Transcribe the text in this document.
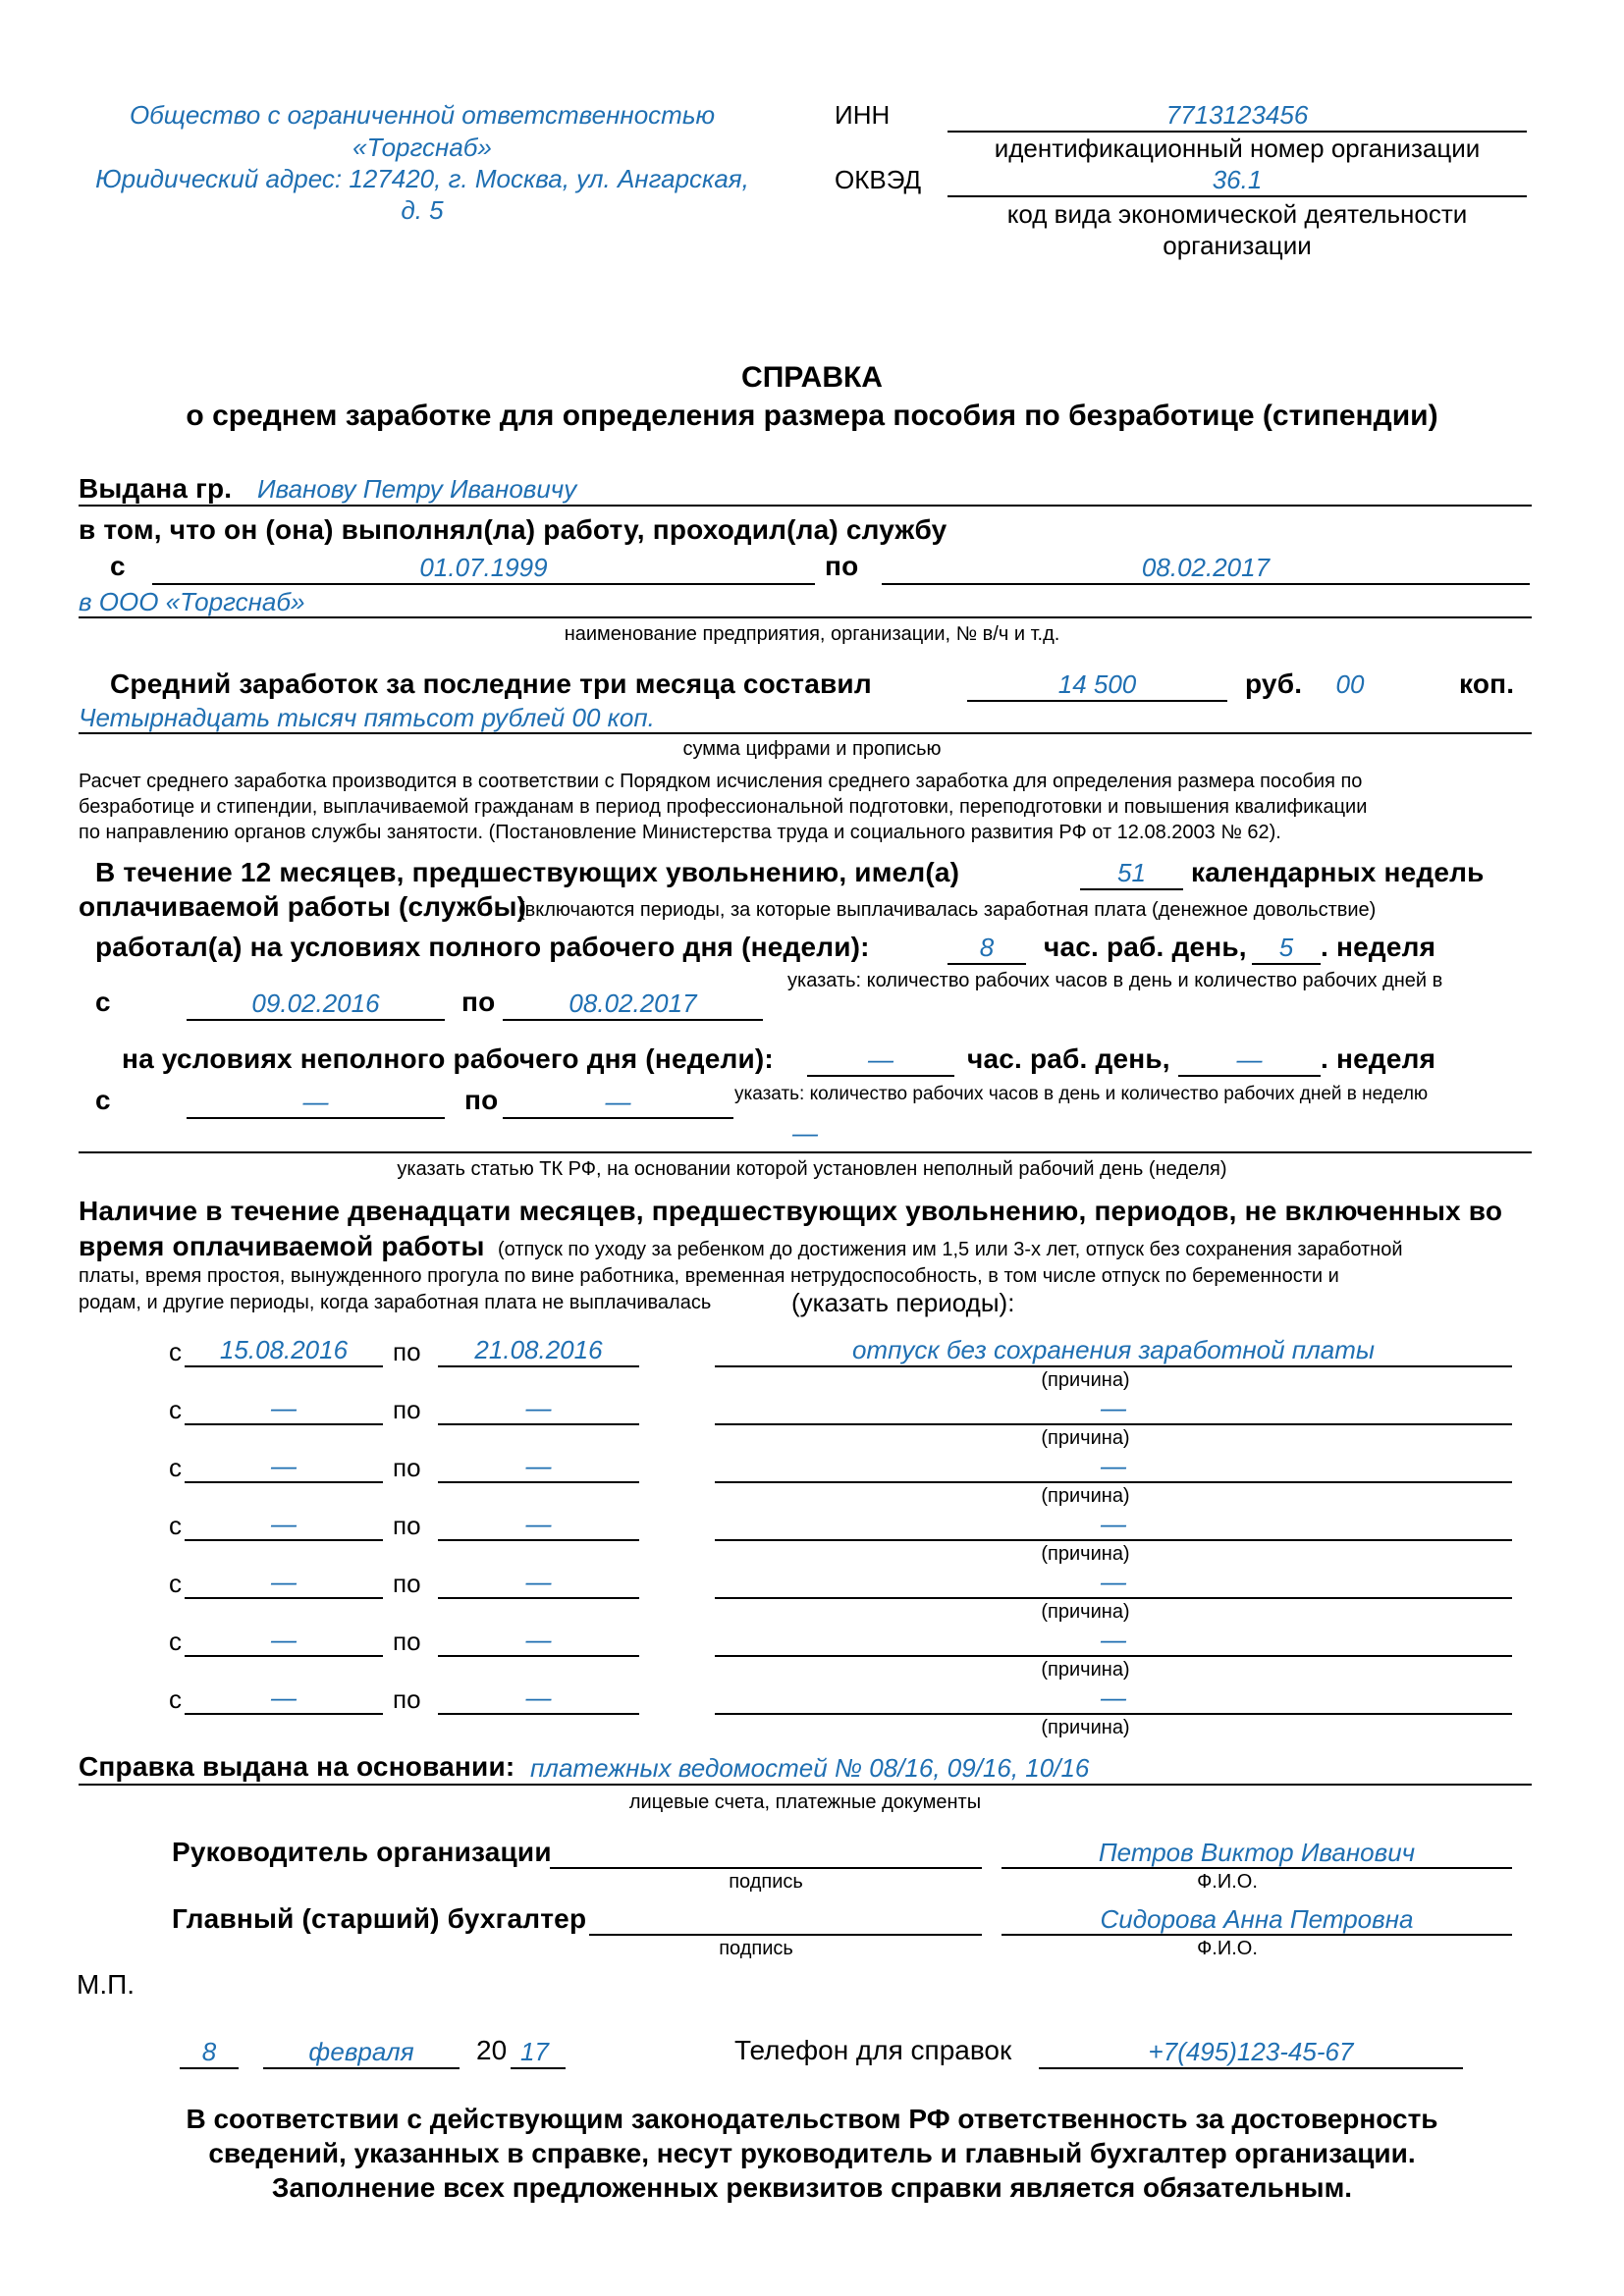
Общество с ограниченной ответственностью
«Торгснаб»
Юридический адрес: 127420, г. Москва, ул. Ангарская,
д. 5
ИНН	7713123456
идентификационный номер организации
ОКВЭД	36.1
код вида экономической деятельности
организации
СПРАВКА
о среднем заработке для определения размера пособия по безработице (стипендии)
Выдана гр. Иванову Петру Ивановичу
в том, что он (она) выполнял(ла) работу, проходил(ла) службу
с	01.07.1999	по	08.02.2017
в ООО «Торгснаб»
наименование предприятия, организации, № в/ч и т.д.
Средний заработок за последние три месяца составил	14 500	руб.	00	коп.
Четырнадцать тысяч пятьсот рублей 00 коп.
сумма цифрами и прописью
Расчет среднего заработка производится в соответствии с Порядком исчисления среднего заработка для определения размера пособия по
безработице и стипендии, выплачиваемой гражданам в период профессиональной подготовки, переподготовки и повышения квалификации
по направлению органов службы занятости. (Постановление Министерства труда и социального развития РФ от 12.08.2003 № 62).
В течение 12 месяцев, предшествующих увольнению, имел(а)	51	календарных недель
оплачиваемой работы (службы)
(включаются периоды, за которые выплачивалась заработная плата (денежное довольствие)
работал(а) на условиях полного рабочего дня (недели):	8	час. раб. день,	5 . неделя
указать: количество рабочих часов в день и количество рабочих дней в
с	09.02.2016	по	08.02.2017
на условиях неполного рабочего дня (недели):	—	час. раб. день,	—	. неделя
с	—	по	—	указать: количество рабочих часов в день и количество рабочих дней в неделю
—
указать статью ТК РФ, на основании которой установлен неполный рабочий день (неделя)
Наличие в течение двенадцати месяцев, предшествующих увольнению, периодов, не включенных во
время оплачиваемой работы (отпуск по уходу за ребенком до достижения им 1,5 или 3-х лет, отпуск без сохранения заработной
платы, время простоя, вынужденного прогула по вине работника, временная нетрудоспособность, в том числе отпуск по беременности и
родам, и другие периоды, когда заработная плата не выплачивалась	(указать периоды):
с	15.08.2016	по	21.08.2016	отпуск без сохранения заработной платы
(причина)
с	—	по	—	—
(причина)
с	—	по	—	—
(причина)
с	—	по	—	—
(причина)
с	—	по	—	—
(причина)
с	—	по	—	—
(причина)
с	—	по	—	—
(причина)
Справка выдана на основании: платежных ведомостей № 08/16, 09/16, 10/16
лицевые счета, платежные документы
Руководитель организации
подпись
Петров Виктор Иванович
Ф.И.О.
Главный (старший) бухгалтер
подпись
Сидорова Анна Петровна
Ф.И.О.
М.П.
8	февраля	20 17	Телефон для справок	+7(495)123-45-67
В соответствии с действующим законодательством РФ ответственность за достоверность
сведений, указанных в справке, несут руководитель и главный бухгалтер организации.
Заполнение всех предложенных реквизитов справки является обязательным.
